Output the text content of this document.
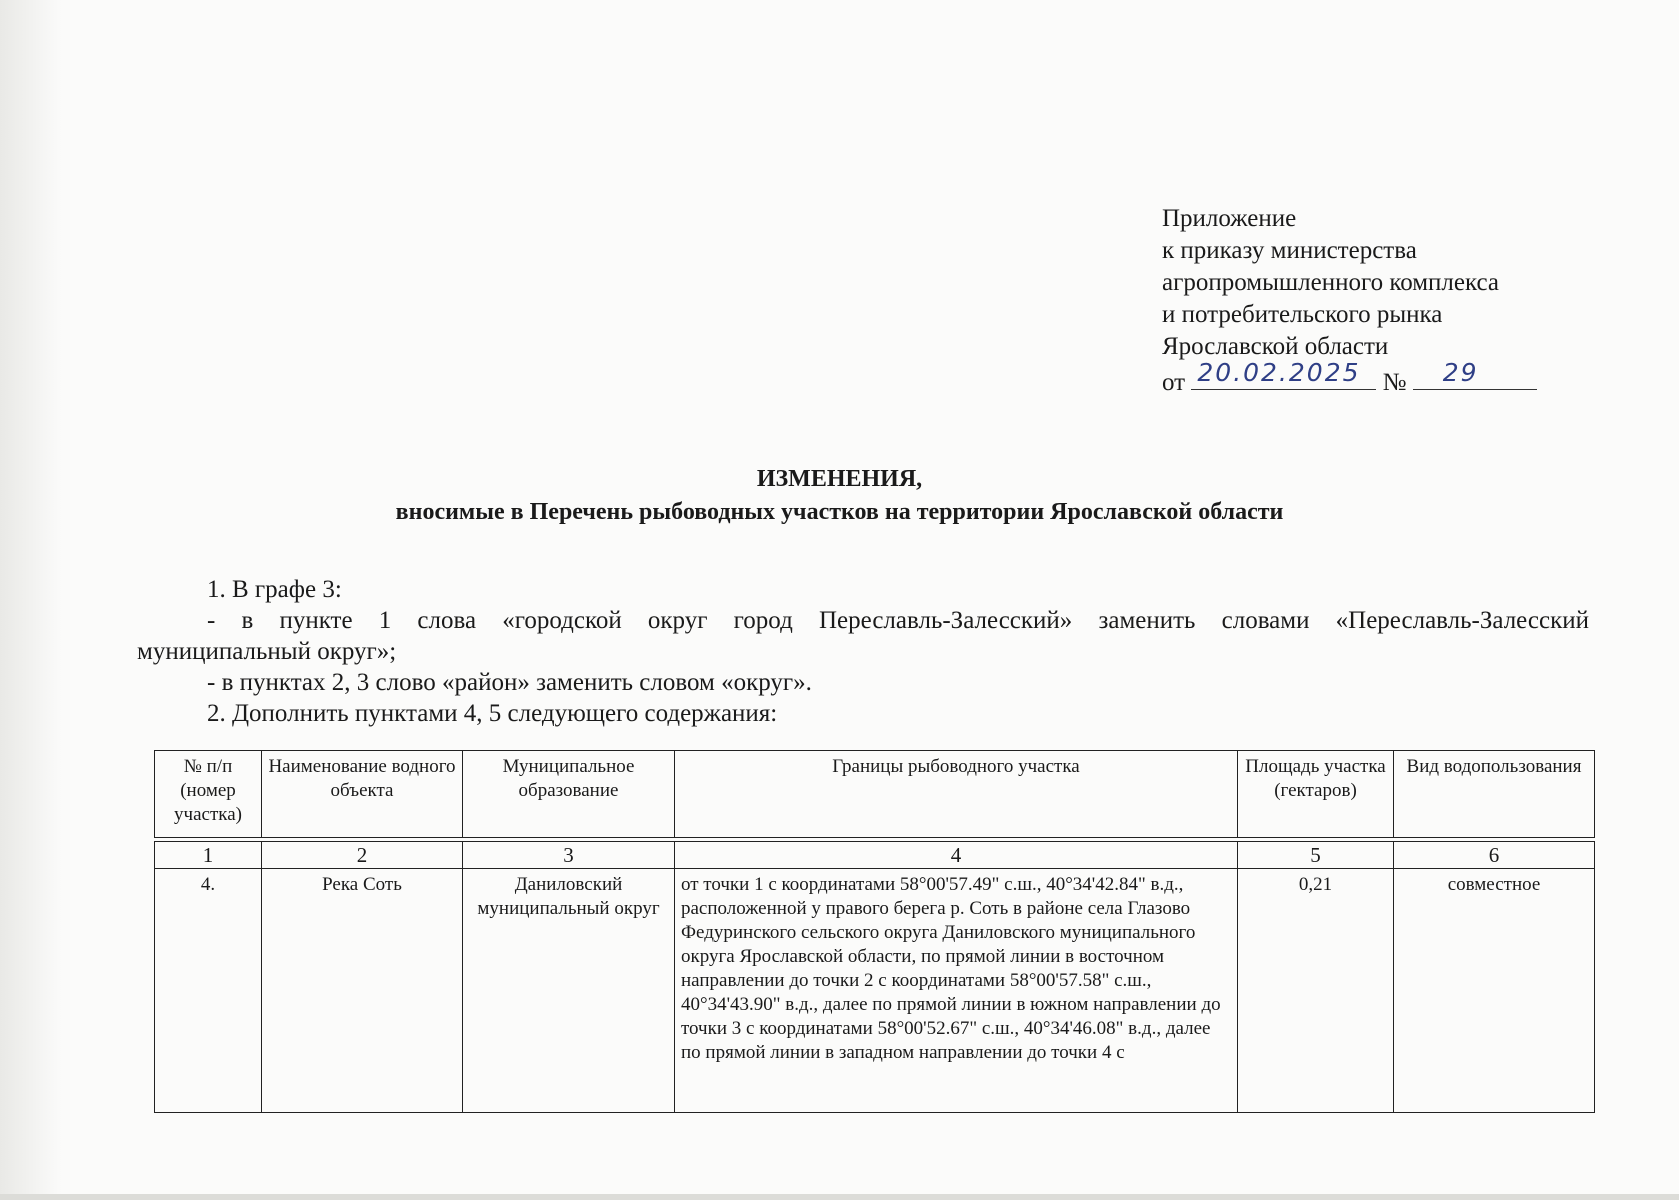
Приложение
к приказу министерства
агропромышленного комплекса
и потребительского рынка
Ярославской области
от 20.02.2025 № 29
ИЗМЕНЕНИЯ,
вносимые в Перечень рыбоводных участков на территории Ярославской области
1. В графе 3:
- в пункте 1 слова «городской округ город Переславль-Залесский» заменить словами «Переславль-Залесский
муниципальный округ»;
- в пунктах 2, 3 слово «район» заменить словом «округ».
2. Дополнить пунктами 4, 5 следующего содержания:
№ п/п (номер участка)	Наименование водного объекта	Муниципальное образование	Границы рыбоводного участка	Площадь участка (гектаров)	Вид водопользования

1	2	3	4	5	6
4.	Река Соть	Даниловский муниципальный округ	от точки 1 с координатами 58°00'57.49" с.ш., 40°34'42.84" в.д., расположенной у правого берега р. Соть в районе села Глазово Федуринского сельского округа Даниловского муниципального округа Ярославской области, по прямой линии в восточном направлении до точки 2 с координатами 58°00'57.58" с.ш., 40°34'43.90" в.д., далее по прямой линии в южном направлении до точки 3 с координатами 58°00'52.67" с.ш., 40°34'46.08" в.д., далее по прямой линии в западном направлении до точки 4 с	0,21	совместное
